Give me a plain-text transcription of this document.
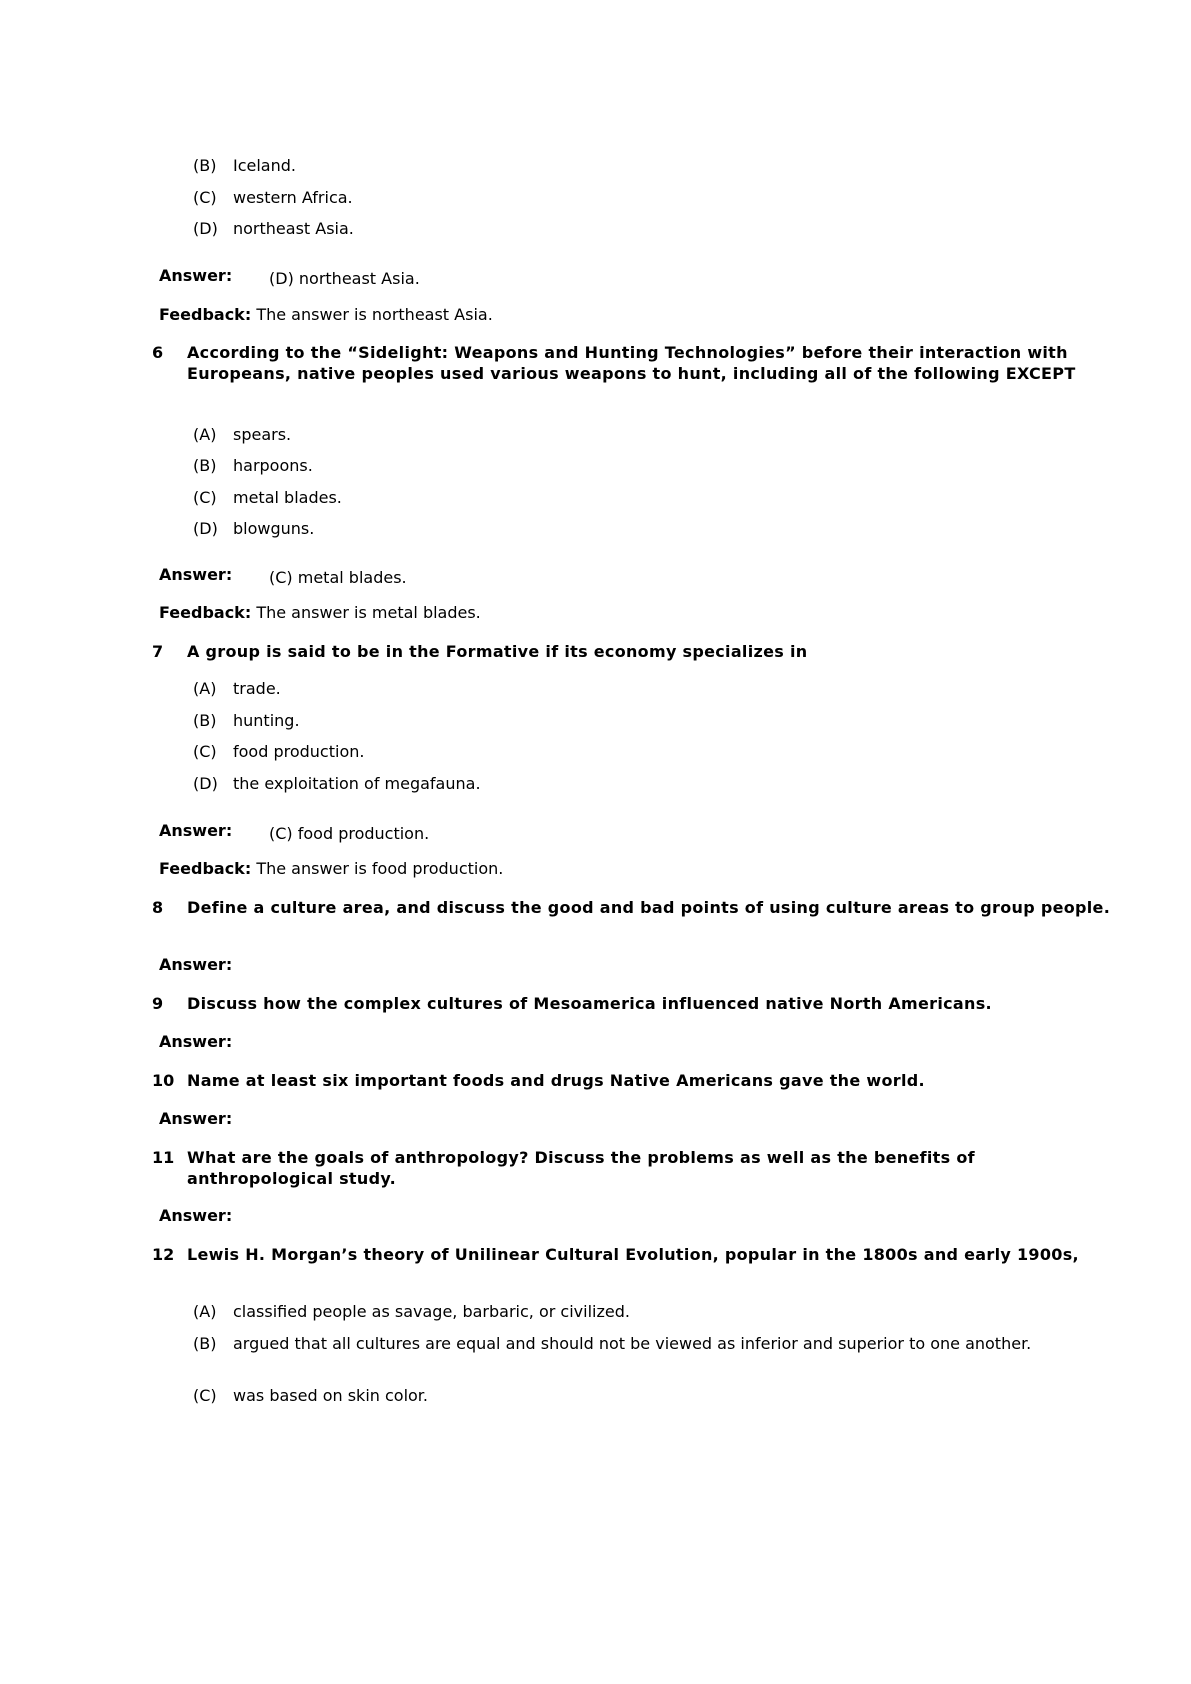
(B) Iceland.
(C) western Africa.
(D) northeast Asia.
Answer: (D) northeast Asia.
Feedback: The answer is northeast Asia.
6 According to the “Sidelight: Weapons and Hunting Technologies” before their interaction with Europeans, native peoples used various weapons to hunt, including all of the following EXCEPT
(A) spears.
(B) harpoons.
(C) metal blades.
(D) blowguns.
Answer: (C) metal blades.
Feedback: The answer is metal blades.
7 A group is said to be in the Formative if its economy specializes in
(A) trade.
(B) hunting.
(C) food production.
(D) the exploitation of megafauna.
Answer: (C) food production.
Feedback: The answer is food production.
8 Define a culture area, and discuss the good and bad points of using culture areas to group people.
Answer:
9 Discuss how the complex cultures of Mesoamerica influenced native North Americans.
Answer:
10 Name at least six important foods and drugs Native Americans gave the world.
Answer:
11 What are the goals of anthropology? Discuss the problems as well as the benefits of anthropological study.
Answer:
12 Lewis H. Morgan’s theory of Unilinear Cultural Evolution, popular in the 1800s and early 1900s,
(A) classified people as savage, barbaric, or civilized.
(B) argued that all cultures are equal and should not be viewed as inferior and superior to one another.
(C) was based on skin color.
